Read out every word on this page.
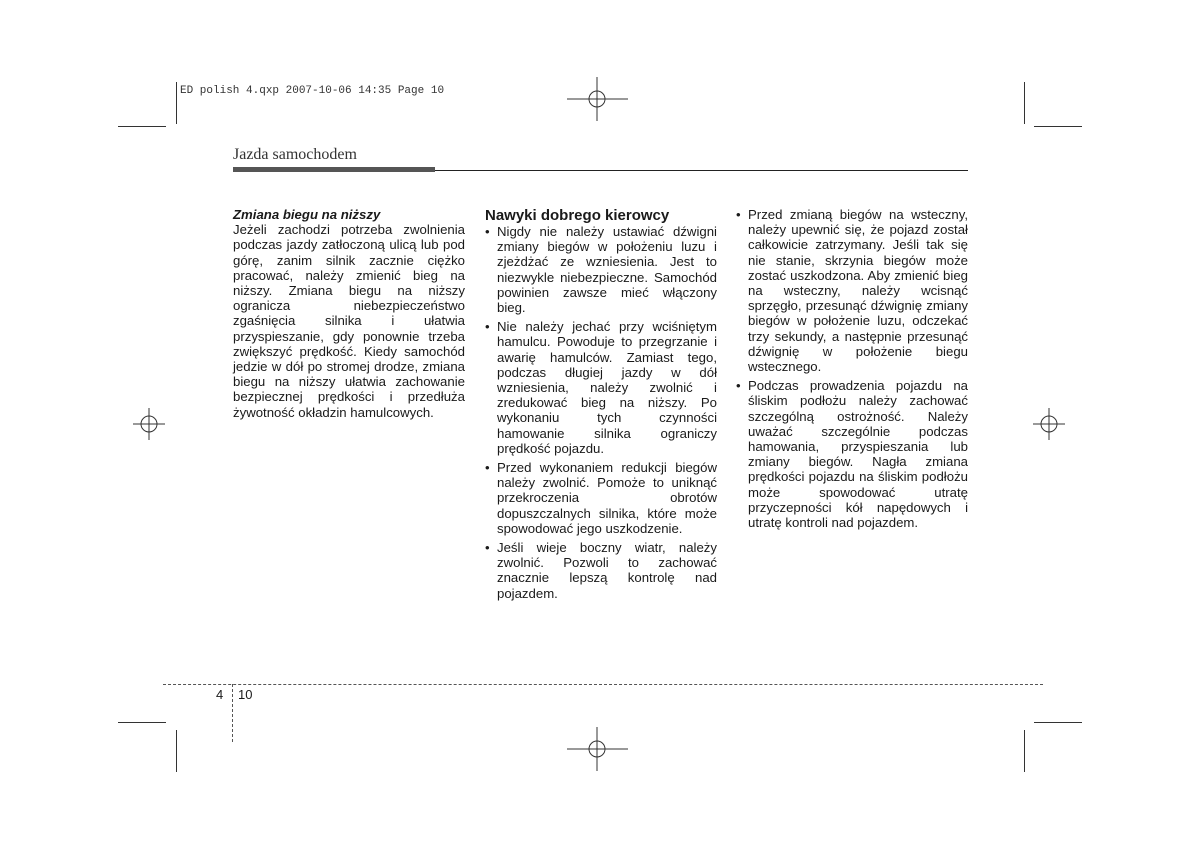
ED polish 4.qxp 2007-10-06 14:35 Page 10
Jazda samochodem

Zmiana biegu na niższy

Jeżeli zachodzi potrzeba zwolnienia podczas jazdy zatłoczoną ulicą lub pod górę, zanim silnik zacznie ciężko pracować, należy zmienić bieg na niższy. Zmiana biegu na niższy ogranicza niebezpieczeństwo zgaśnięcia silnika i ułatwia przyspieszanie, gdy ponownie trzeba zwiększyć prędkość. Kiedy samochód jedzie w dół po stromej drodze, zmiana biegu na niższy ułatwia zachowanie bezpiecznej prędkości i przedłuża żywotność okładzin hamulcowych.

Nawyki dobrego kierowcy

• Nigdy nie należy ustawiać dźwigni zmiany biegów w położeniu luzu i zjeżdżać ze wzniesienia. Jest to niezwykle niebezpieczne. Samochód powinien zawsze mieć włączony bieg.
• Nie należy jechać przy wciśniętym hamulcu. Powoduje to przegrzanie i awarię hamulców. Zamiast tego, podczas długiej jazdy w dół wzniesienia, należy zwolnić i zredukować bieg na niższy. Po wykonaniu tych czynności hamowanie silnika ograniczy prędkość pojazdu.
• Przed wykonaniem redukcji biegów należy zwolnić. Pomoże to uniknąć przekroczenia obrotów dopuszczalnych silnika, które może spowodować jego uszkodzenie.
• Jeśli wieje boczny wiatr, należy zwolnić. Pozwoli to zachować znacznie lepszą kontrolę nad pojazdem.
• Przed zmianą biegów na wsteczny, należy upewnić się, że pojazd został całkowicie zatrzymany. Jeśli tak się nie stanie, skrzynia biegów może zostać uszkodzona. Aby zmienić bieg na wsteczny, należy wcisnąć sprzęgło, przesunąć dźwignię zmiany biegów w położenie luzu, odczekać trzy sekundy, a następnie przesunąć dźwignię w położenie biegu wstecznego.
• Podczas prowadzenia pojazdu na śliskim podłożu należy zachować szczególną ostrożność. Należy uważać szczególnie podczas hamowania, przyspieszania lub zmiany biegów. Nagła zmiana prędkości pojazdu na śliskim podłożu może spowodować utratę przyczepności kół napędowych i utratę kontroli nad pojazdem.
4 10
